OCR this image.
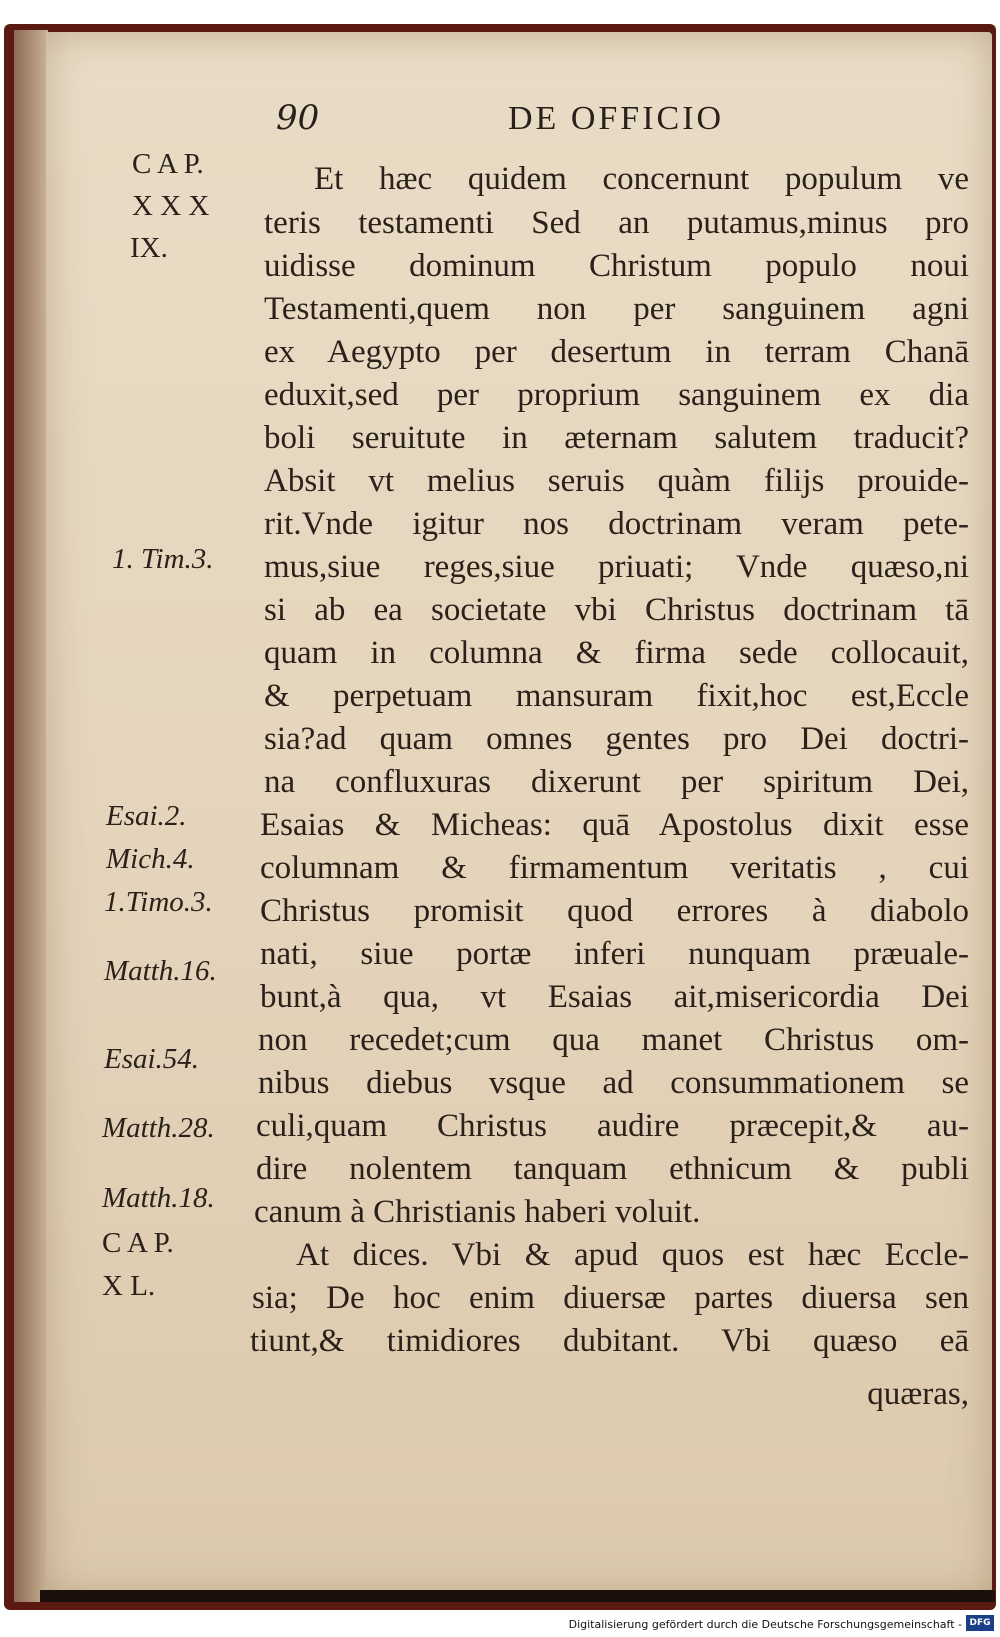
90	DE OFFICIO
C A P.
X X X
IX.
1. Tim.3.
Esai.2.
Mich.4.
1.Timo.3.
Matth.16.
Esai.54.
Matth.28.
Matth.18.
C A P.
X L.
Et hæc quidem concernunt populum ve
teris testamenti Sed an putamus,minus pro
uidisse dominum Christum populo noui
Testamenti,quem non per sanguinem agni
ex Aegypto per desertum in terram Chanā
eduxit,sed per proprium sanguinem ex dia
boli seruitute in æternam salutem traducit?
Absit vt melius seruis quàm filijs prouide-
rit.Vnde igitur nos doctrinam veram pete-
mus,siue reges,siue priuati; Vnde quæso,ni
si ab ea societate vbi Christus doctrinam tā
quam in columna & firma sede collocauit,
& perpetuam mansuram fixit,hoc est,Eccle
sia?ad quam omnes gentes pro Dei doctri-
na confluxuras dixerunt per spiritum Dei,
Esaias & Micheas: quā Apostolus dixit esse
columnam & firmamentum veritatis , cui
Christus promisit quod errores à diabolo
nati, siue portæ inferi nunquam præuale-
bunt,à qua, vt Esaias ait,misericordia Dei
non recedet;cum qua manet Christus om-
nibus diebus vsque ad consummationem se
culi,quam Christus audire præcepit,& au-
dire nolentem tanquam ethnicum & publi
canum à Christianis haberi voluit.
At dices. Vbi & apud quos est hæc Eccle-
sia; De hoc enim diuersæ partes diuersa sen
tiunt,& timidiores dubitant. Vbi quæso eā
quæras,
Digitalisierung gefördert durch die Deutsche Forschungsgemeinschaft - DFG
